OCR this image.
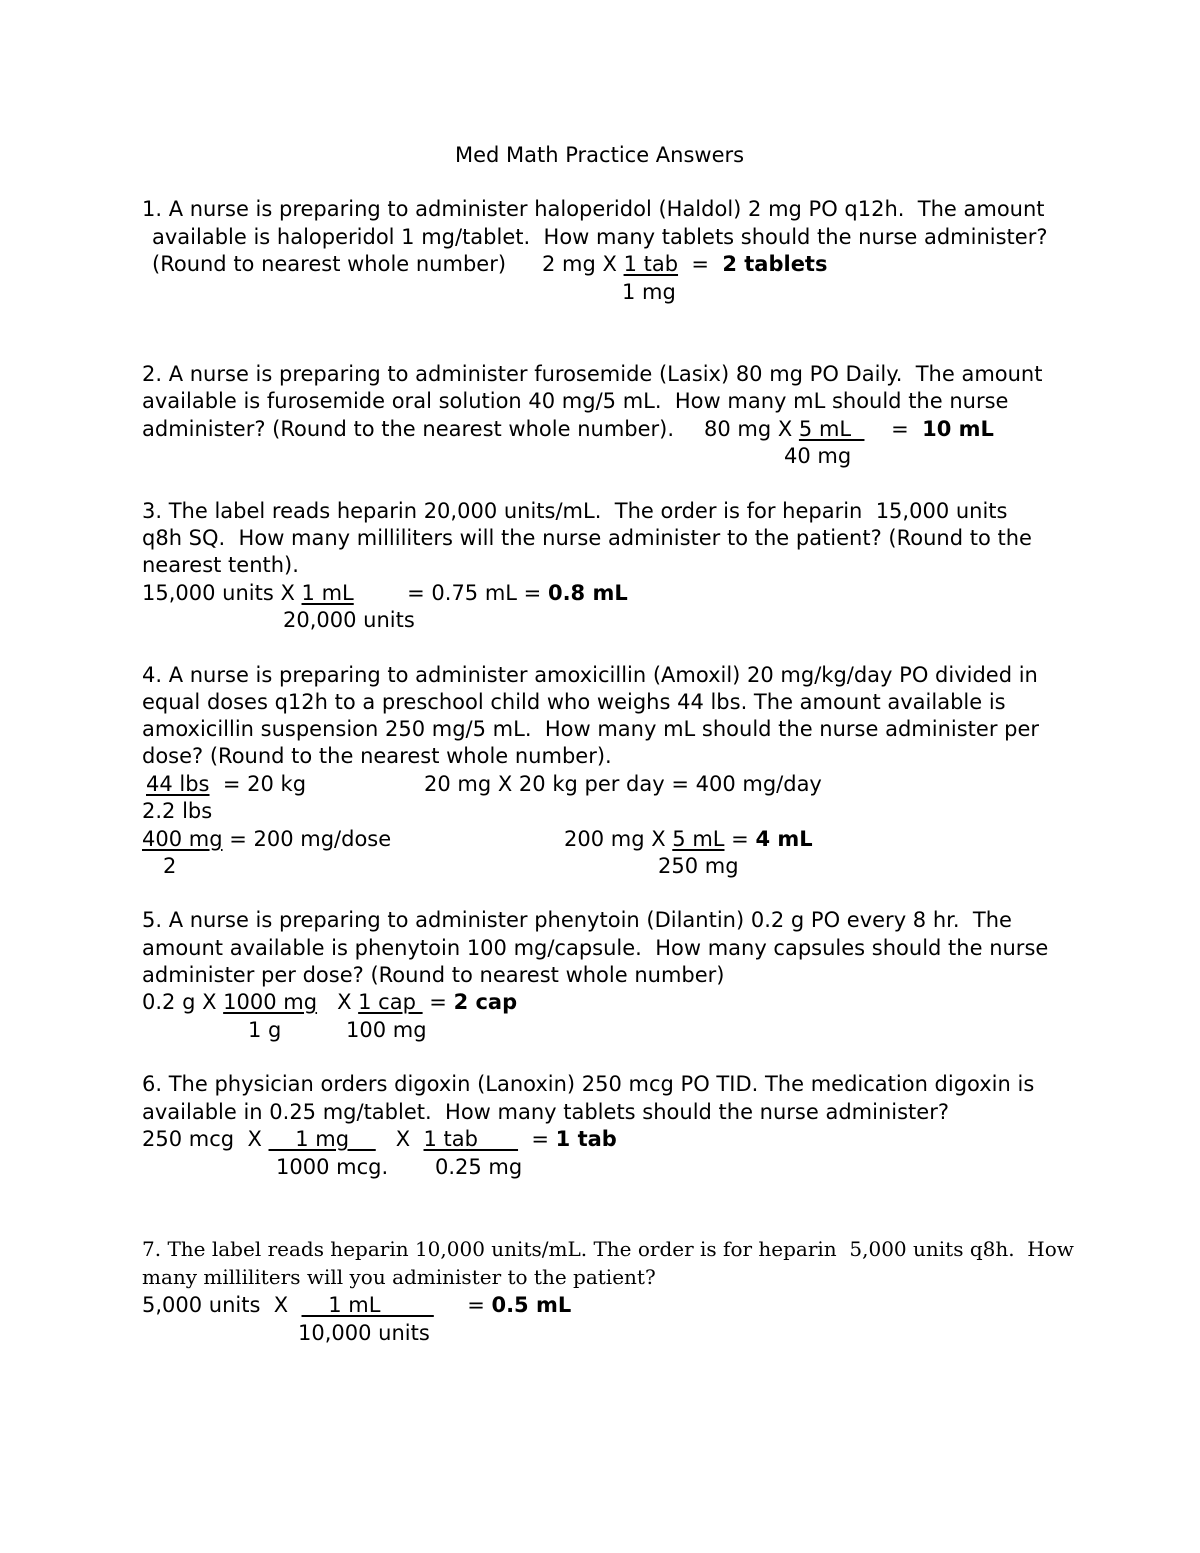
Med Math Practice Answers
1. A nurse is preparing to administer haloperidol (Haldol) 2 mg PO q12h.  The amount
available is haloperidol 1 mg/tablet.  How many tablets should the nurse administer?
(Round to nearest whole number) 2 mg X 1 tab  =  2 tablets
1 mg
2. A nurse is preparing to administer furosemide (Lasix) 80 mg PO Daily.  The amount
available is furosemide oral solution 40 mg/5 mL.  How many mL should the nurse
administer? (Round to the nearest whole number). 80 mg X 5 mL      =  10 mL
40 mg
3. The label reads heparin 20,000 units/mL.  The order is for heparin  15,000 units
q8h SQ.  How many milliliters will the nurse administer to the patient? (Round to the
nearest tenth).
15,000 units X 1 mL        = 0.75 mL = 0.8 mL
20,000 units
4. A nurse is preparing to administer amoxicillin (Amoxil) 20 mg/kg/day PO divided in
equal doses q12h to a preschool child who weighs 44 lbs. The amount available is
amoxicillin suspension 250 mg/5 mL.  How many mL should the nurse administer per
dose? (Round to the nearest whole number).
44 lbs  = 20 kg	20 mg X 20 kg per day = 400 mg/day
2.2 lbs
400 mg = 200 mg/dose	200 mg X 5 mL = 4 mL
2	250 mg
5. A nurse is preparing to administer phenytoin (Dilantin) 0.2 g PO every 8 hr.  The
amount available is phenytoin 100 mg/capsule.  How many capsules should the nurse
administer per dose? (Round to nearest whole number)
0.2 g X 1000 mg   X 1 cap  = 2 cap
1 g	100 mg
6. The physician orders digoxin (Lanoxin) 250 mcg PO TID. The medication digoxin is
available in 0.25 mg/tablet.  How many tablets should the nurse administer?
250 mcg  X     1 mg       X  1 tab        = 1 tab
1000 mcg. 0.25 mg
7. The label reads heparin 10,000 units/mL. The order is for heparin  5,000 units q8h.  How
many milliliters will you administer to the patient?
5,000 units  X      1 mL             = 0.5 mL
10,000 units
